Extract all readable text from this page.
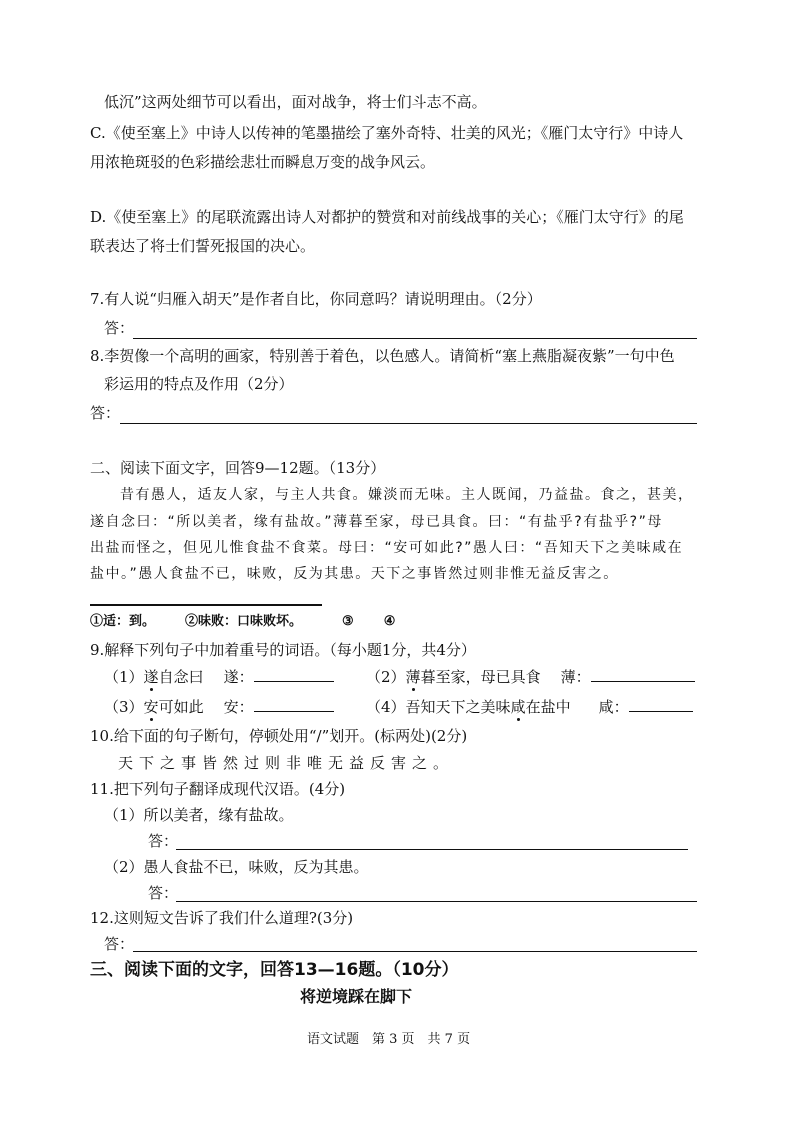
低沉”这两处细节可以看出，面对战争，将士们斗志不高。
C.《使至塞上》中诗人以传神的笔墨描绘了塞外奇特、壮美的风光；《雁门太守行》中诗人
用浓艳斑驳的色彩描绘悲壮而瞬息万变的战争风云。
D.《使至塞上》的尾联流露出诗人对都护的赞赏和对前线战事的关心；《雁门太守行》的尾
联表达了将士们誓死报国的决心。
7.有人说“归雁入胡天”是作者自比，你同意吗？请说明理由。（2分）
答：
8.李贺像一个高明的画家，特别善于着色，以色感人。请简析“塞上燕脂凝夜紫”一句中色
彩运用的特点及作用（2分）
答：
二、阅读下面文字，回答9—12题。（13分）
昔有愚人，适友人家，与主人共食。嫌淡而无味。主人既闻，乃益盐。食之，甚美，
遂自念曰：“所以美者，缘有盐故。”薄暮至家，母已具食。曰：“有盐乎?有盐乎?”母
出盐而怪之，但见儿惟食盐不食菜。母曰：“安可如此?”愚人曰：“吾知天下之美味咸在
盐中。”愚人食盐不已，味败，反为其患。天下之事皆然过则非惟无益反害之。
①适：到。 ②味败：口味败坏。	③ ④
9.解释下列句子中加着重号的词语。（每小题1分，共4分）
（1）遂自念曰 遂：	（2）薄暮至家，母已具食 薄：
（3）安可如此 安：	（4）吾知天下之美味咸在盐中 咸：
10.给下面的句子断句，停顿处用“/”划开。(标两处)(2分)
天下之事皆然过则非唯无益反害之。
11.把下列句子翻译成现代汉语。(4分)
（1）所以美者，缘有盐故。
答：
（2）愚人食盐不已，味败，反为其患。
答：
12.这则短文告诉了我们什么道理?(3分)
答：
三、阅读下面的文字，回答13—16题。（10分）
将逆境踩在脚下
语文试题　第 3 页　共 7 页
